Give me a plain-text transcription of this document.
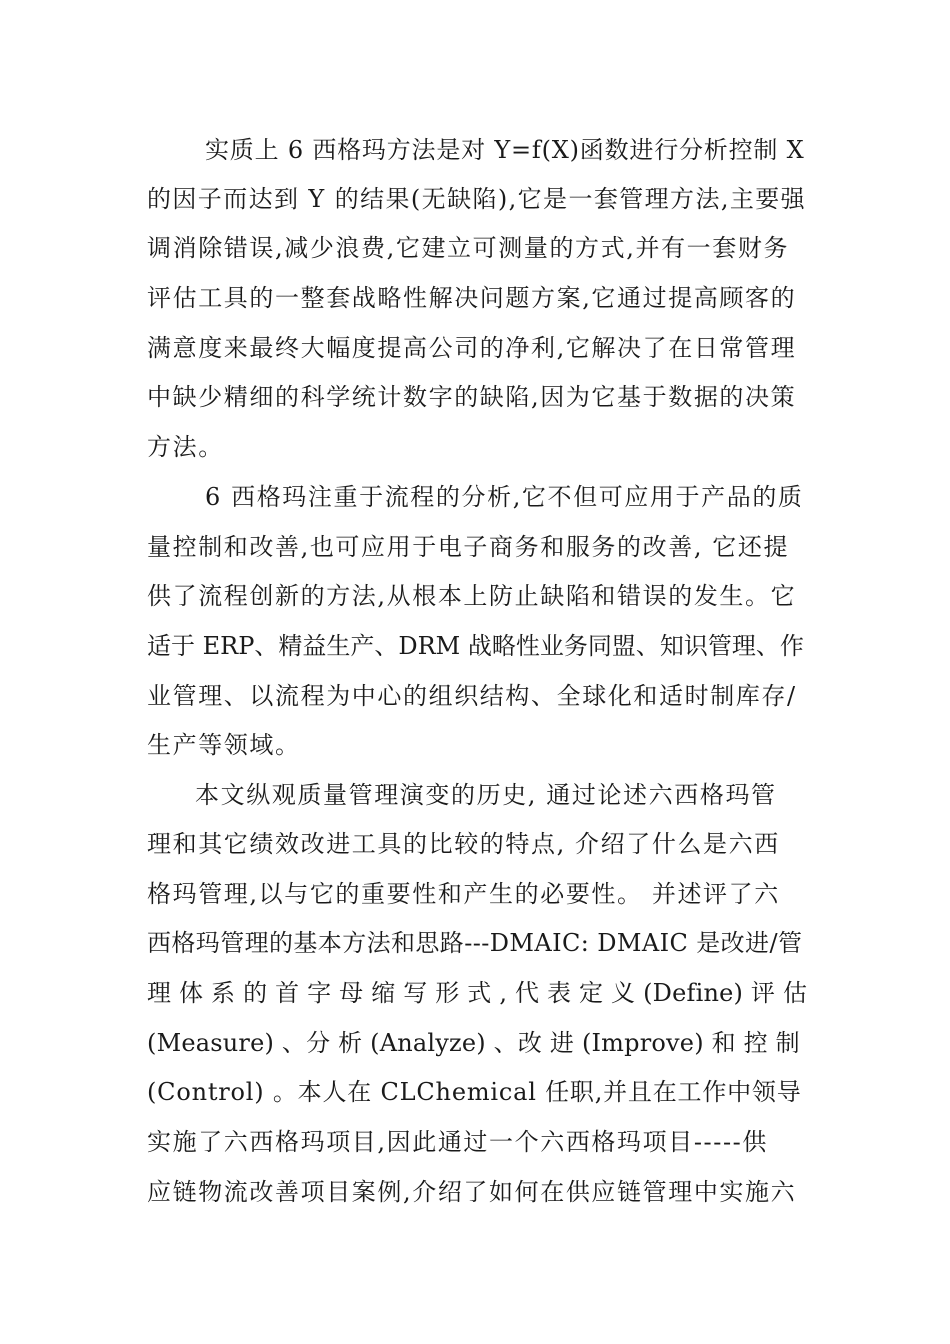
实质上 6 西格玛方法是对 Y=f(X)函数进行分析控制 X
的因子而达到 Y 的结果(无缺陷),它是一套管理方法,主要强
调消除错误,减少浪费,它建立可测量的方式,并有一套财务
评估工具的一整套战略性解决问题方案,它通过提高顾客的
满意度来最终大幅度提高公司的净利,它解决了在日常管理
中缺少精细的科学统计数字的缺陷,因为它基于数据的决策
方法。
6 西格玛注重于流程的分析,它不但可应用于产品的质
量控制和改善,也可应用于电子商务和服务的改善, 它还提
供了流程创新的方法,从根本上防止缺陷和错误的发生。它
适于 ERP、精益生产、DRM 战略性业务同盟、知识管理、作
业管理、以流程为中心的组织结构、全球化和适时制库存/
生产等领域。
本文纵观质量管理演变的历史, 通过论述六西格玛管
理和其它绩效改进工具的比较的特点, 介绍了什么是六西
格玛管理,以与它的重要性和产生的必要性。 并述评了六
西格玛管理的基本方法和思路---DMAIC: DMAIC 是改进/管
理 体 系 的 首 字 母 缩 写 形 式 , 代 表 定 义 (Define) 评 估
(Measure) 、分 析 (Analyze) 、改 进 (Improve) 和 控 制
(Control) 。本人在 CLChemical 任职,并且在工作中领导
实施了六西格玛项目,因此通过一个六西格玛项目-----供
应链物流改善项目案例,介绍了如何在供应链管理中实施六
